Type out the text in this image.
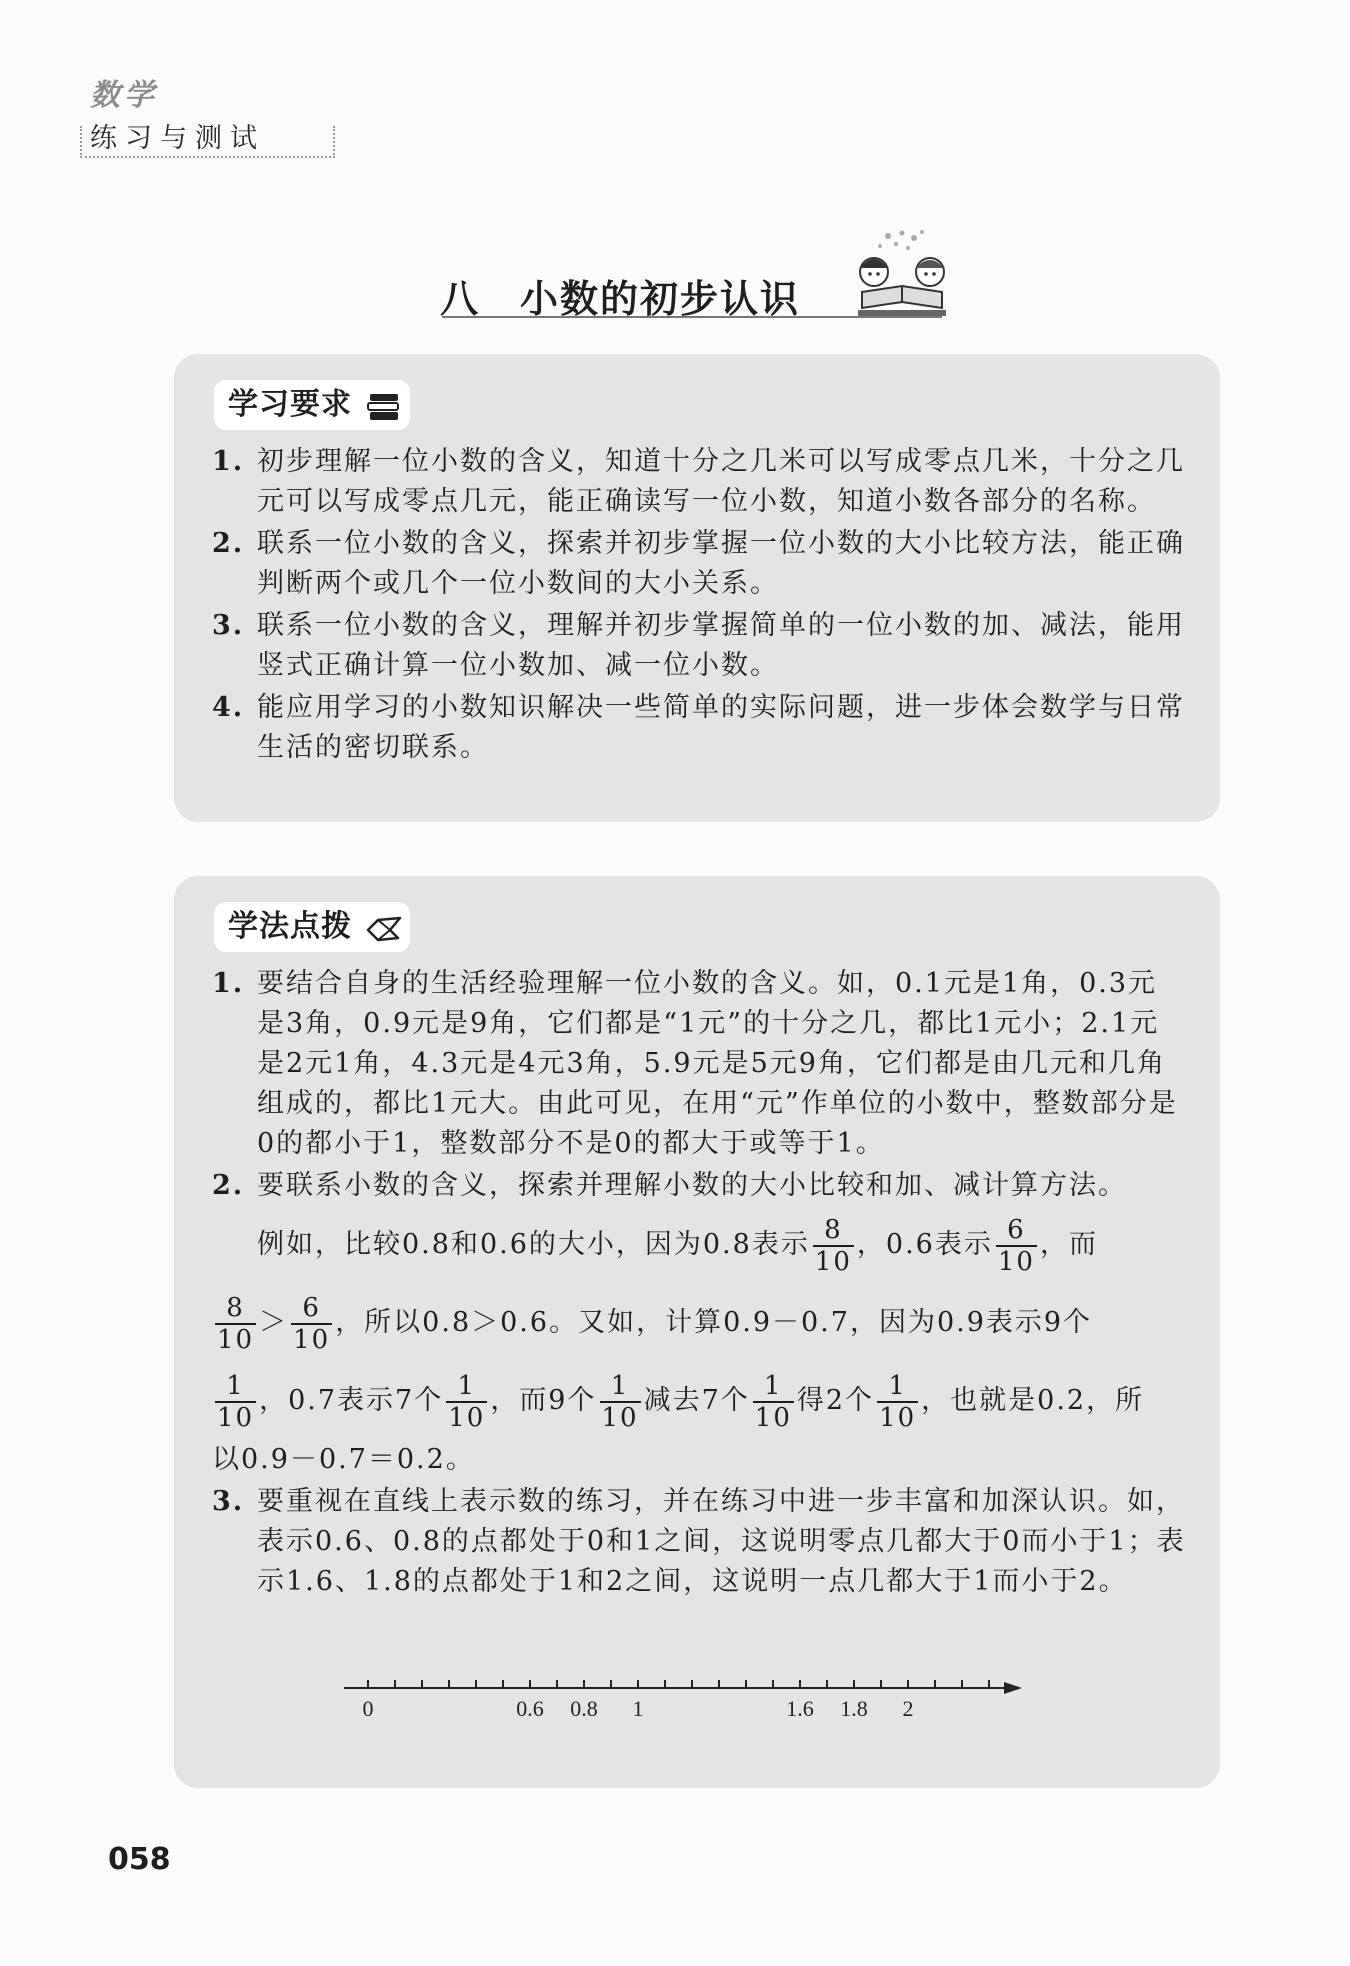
数学
练习与测试
八 小数的初步认识
学习要求
1. 初步理解一位小数的含义，知道十分之几米可以写成零点几米，十分之几元可以写成零点几元，能正确读写一位小数，知道小数各部分的名称。
2. 联系一位小数的含义，探索并初步掌握一位小数的大小比较方法，能正确判断两个或几个一位小数间的大小关系。
3. 联系一位小数的含义，理解并初步掌握简单的一位小数的加、减法，能用竖式正确计算一位小数加、减一位小数。
4. 能应用学习的小数知识解决一些简单的实际问题，进一步体会数学与日常生活的密切联系。
学法点拨
1. 要结合自身的生活经验理解一位小数的含义。如，0.1元是1角，0.3元是3角，0.9元是9角，它们都是“1元”的十分之几，都比1元小；2.1元是2元1角，4.3元是4元3角，5.9元是5元9角，它们都是由几元和几角组成的，都比1元大。由此可见，在用“元”作单位的小数中，整数部分是0的都小于1，整数部分不是0的都大于或等于1。
2. 要联系小数的含义，探索并理解小数的大小比较和加、减计算方法。
例如，比较0.8和0.6的大小，因为0.8表示 $\frac{8}{10}$ ，0.6表示 $\frac{6}{10}$ ，而
$\frac{8}{10} > \frac{6}{10}$ ，所以0.8＞0.6。又如，计算0.9－0.7，因为0.9表示9个
$\frac{1}{10}$ ，0.7表示7个 $\frac{1}{10}$ ，而9个 $\frac{1}{10}$ 减去7个 $\frac{1}{10}$ 得2个 $\frac{1}{10}$ ，也就是0.2，所
以0.9－0.7＝0.2。
3. 要重视在直线上表示数的练习，并在练习中进一步丰富和加深认识。如，表示0.6、0.8的点都处于0和1之间，这说明零点几都大于0而小于1；表示1.6、1.8的点都处于1和2之间，这说明一点几都大于1而小于2。
0	0.6 0.8 1	1.6 1.8 2
058
